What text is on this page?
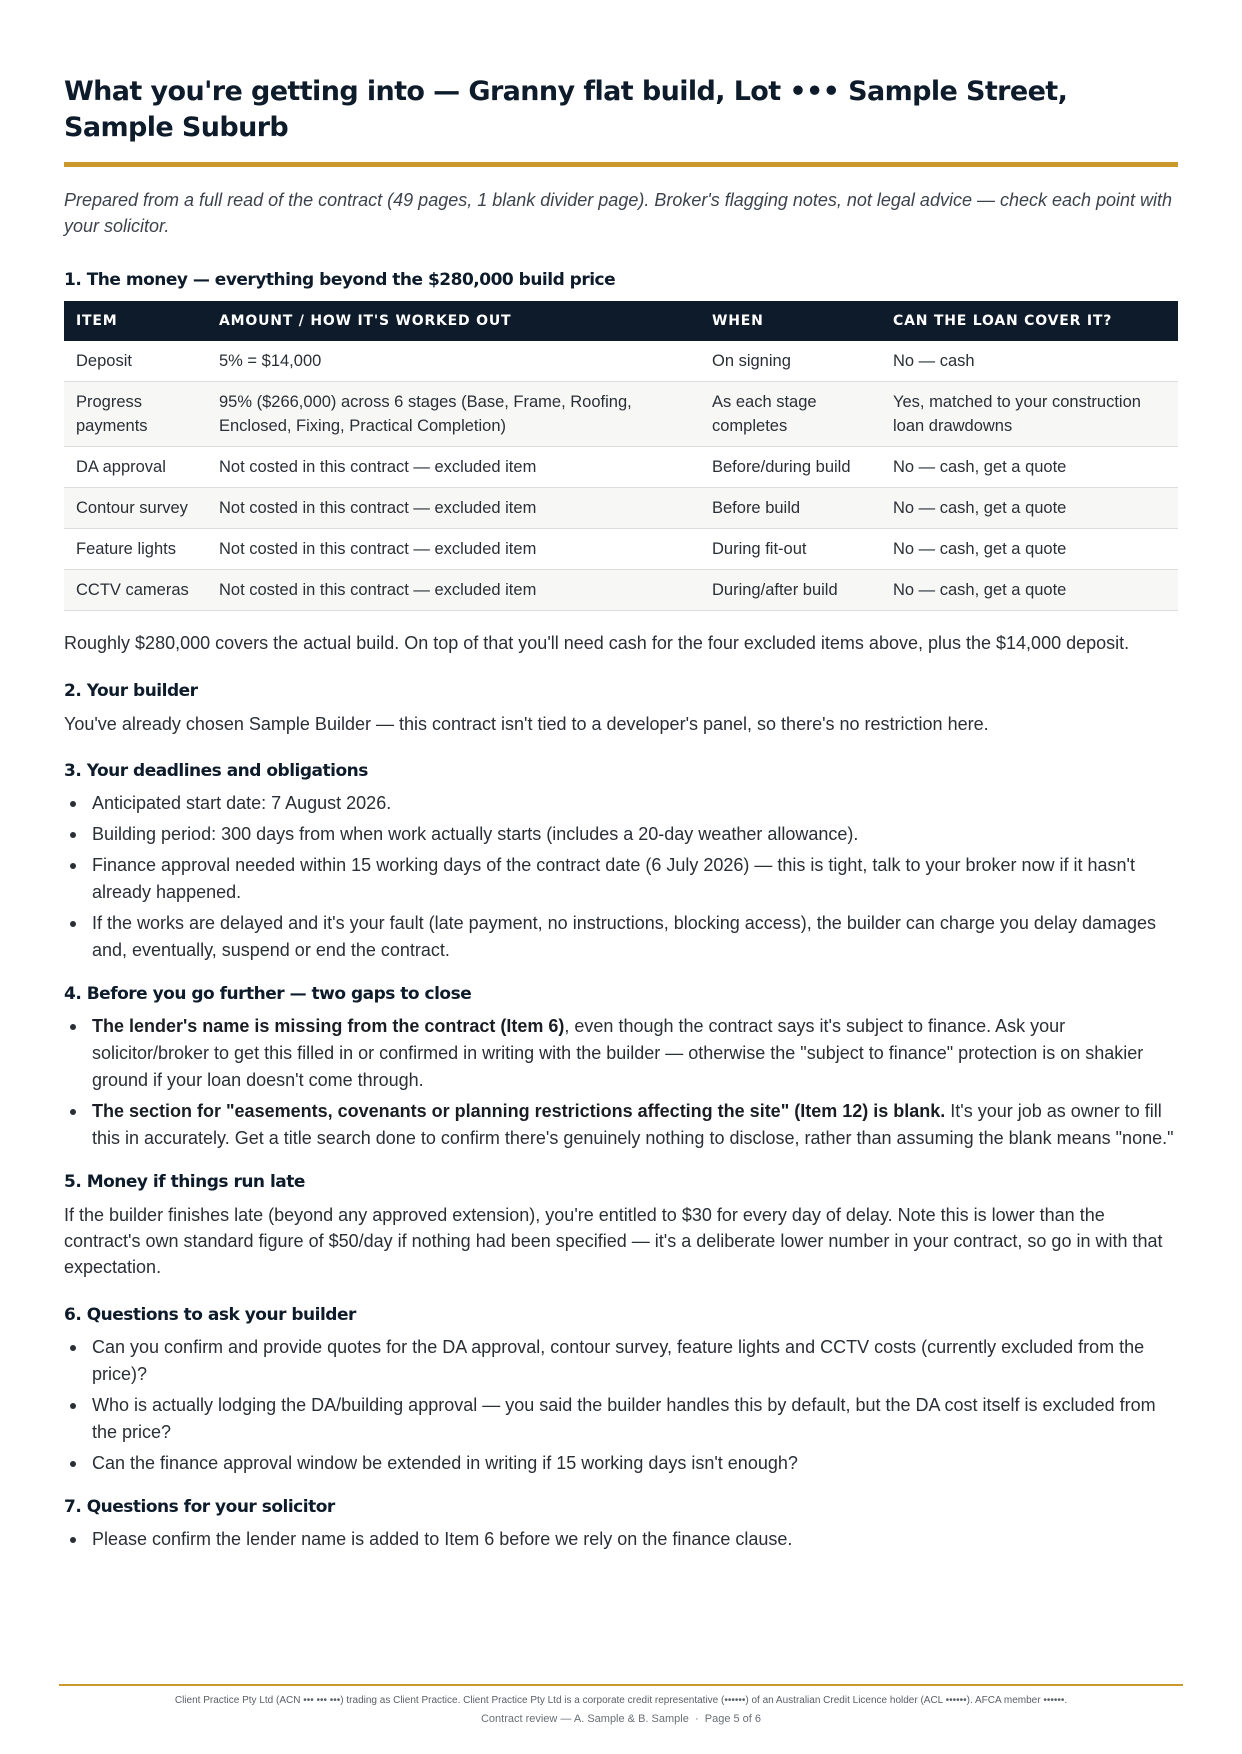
What you're getting into — Granny flat build, Lot ••• Sample Street, Sample Suburb

Prepared from a full read of the contract (49 pages, 1 blank divider page). Broker's flagging notes, not legal advice — check each point with your solicitor.

1. The money — everything beyond the $280,000 build price
ITEM	AMOUNT / HOW IT'S WORKED OUT	WHEN	CAN THE LOAN COVER IT?
Deposit	5% = $14,000	On signing	No — cash
Progress payments	95% ($266,000) across 6 stages (Base, Frame, Roofing, Enclosed, Fixing, Practical Completion)	As each stage completes	Yes, matched to your construction loan drawdowns
DA approval	Not costed in this contract — excluded item	Before/during build	No — cash, get a quote
Contour survey	Not costed in this contract — excluded item	Before build	No — cash, get a quote
Feature lights	Not costed in this contract — excluded item	During fit-out	No — cash, get a quote
CCTV cameras	Not costed in this contract — excluded item	During/after build	No — cash, get a quote

Roughly $280,000 covers the actual build. On top of that you'll need cash for the four excluded items above, plus the $14,000 deposit.

2. Your builder

You've already chosen Sample Builder — this contract isn't tied to a developer's panel, so there's no restriction here.

3. Your deadlines and obligations
Anticipated start date: 7 August 2026.
Building period: 300 days from when work actually starts (includes a 20-day weather allowance).
Finance approval needed within 15 working days of the contract date (6 July 2026) — this is tight, talk to your broker now if it hasn't already happened.
If the works are delayed and it's your fault (late payment, no instructions, blocking access), the builder can charge you delay damages and, eventually, suspend or end the contract.
4. Before you go further — two gaps to close
The lender's name is missing from the contract (Item 6), even though the contract says it's subject to finance. Ask your solicitor/broker to get this filled in or confirmed in writing with the builder — otherwise the "subject to finance" protection is on shakier ground if your loan doesn't come through.
The section for "easements, covenants or planning restrictions affecting the site" (Item 12) is blank. It's your job as owner to fill this in accurately. Get a title search done to confirm there's genuinely nothing to disclose, rather than assuming the blank means "none."
5. Money if things run late

If the builder finishes late (beyond any approved extension), you're entitled to $30 for every day of delay. Note this is lower than the contract's own standard figure of $50/day if nothing had been specified — it's a deliberate lower number in your contract, so go in with that expectation.

6. Questions to ask your builder
Can you confirm and provide quotes for the DA approval, contour survey, feature lights and CCTV costs (currently excluded from the price)?
Who is actually lodging the DA/building approval — you said the builder handles this by default, but the DA cost itself is excluded from the price?
Can the finance approval window be extended in writing if 15 working days isn't enough?
7. Questions for your solicitor
Please confirm the lender name is added to Item 6 before we rely on the finance clause.
Client Practice Pty Ltd (ACN ••• ••• •••) trading as Client Practice. Client Practice Pty Ltd is a corporate credit representative (••••••) of an Australian Credit Licence holder (ACL ••••••). AFCA member ••••••.
Contract review — A. Sample & B. Sample · Page 5 of 6
